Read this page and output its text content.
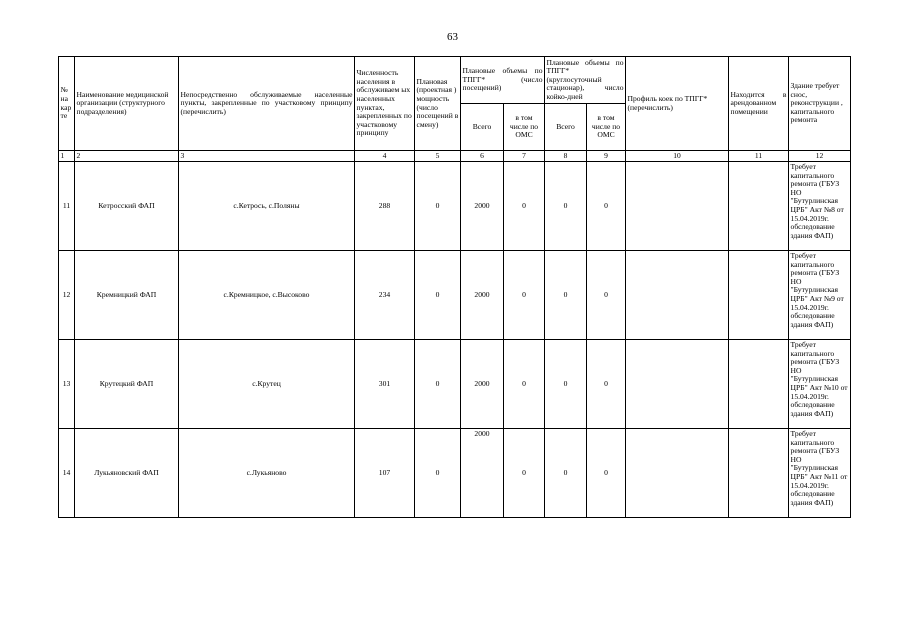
63
№ на кар те	Наименование медицинской организации (структурного подразделения)	Непосредственно обслуживаемые населенные пункты, закрепленные по участковому принципу (перечислить)	Численность населения в обслуживаем ых населенных пунктах, закрепленных по участковому принципу	Плановая (проектная ) мощность (число посещений в смену)	Плановые объемы по ТПГГ* (число посещений)		Плановые объемы по ТПГГ* (круглосуточный стационар), число койко-дней		Профиль коек по ТПГГ* (перечислить)	Находится в арендованном помещении	Здание требует снос, реконструкции , капитального ремонта
					Всего	в том числе по ОМС	Всего	в том числе по ОМС			
1	2	3	4	5	6	7	8	9	10	11	12
11	Кетросский ФАП	с.Кетрось, с.Поляны	288	0	2000	0	0	0			Требует капитального ремонта (ГБУЗ НО "Бутурлинская ЦРБ" Акт №8 от 15.04.2019г. обследование здания ФАП)
12	Кремницкий ФАП	с.Кремницкое, с.Высоково	234	0	2000	0	0	0			Требует капитального ремонта (ГБУЗ НО "Бутурлинская ЦРБ" Акт №9 от 15.04.2019г. обследование здания ФАП)
13	Крутецкий ФАП	с.Крутец	301	0	2000	0	0	0			Требует капитального ремонта (ГБУЗ НО "Бутурлинская ЦРБ" Акт №10 от 15.04.2019г. обследование здания ФАП)
14	Лукьяновский ФАП	с.Лукьяново	107	0	2000	0	0	0			Требует капитального ремонта (ГБУЗ НО "Бутурлинская ЦРБ" Акт №11 от 15.04.2019г. обследование здания ФАП)
